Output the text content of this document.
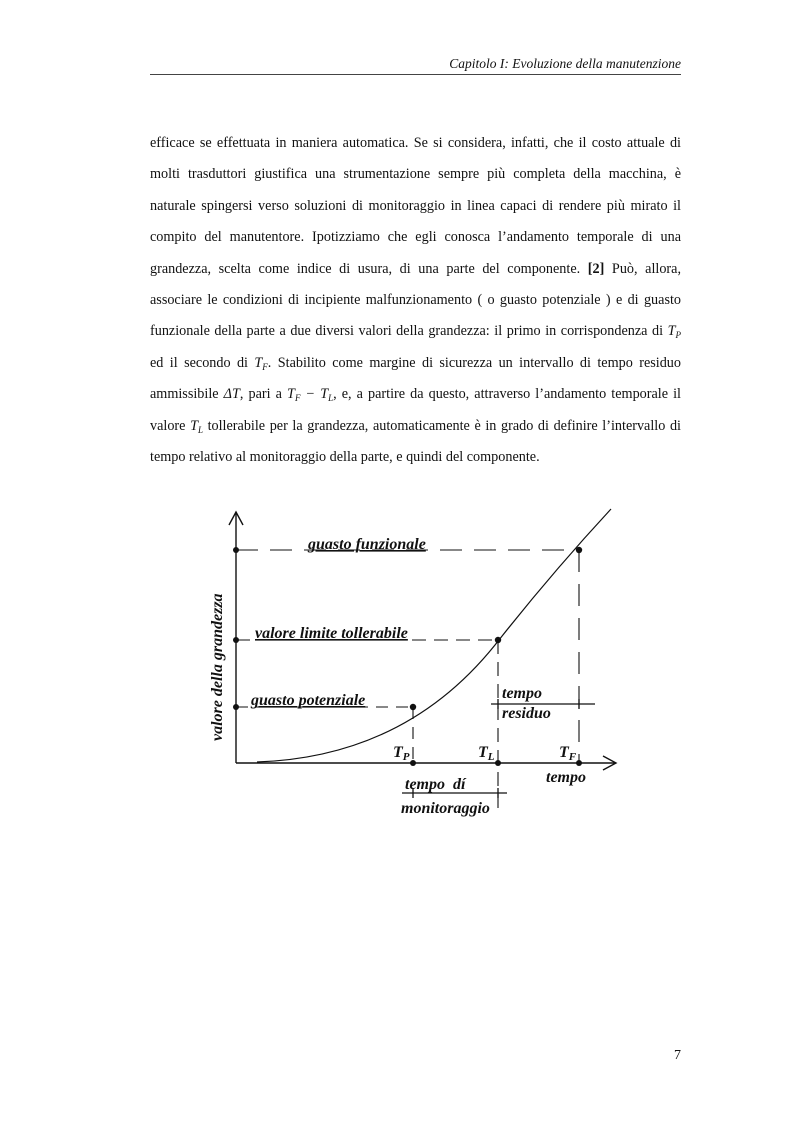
Capitolo I: Evoluzione della manutenzione

efficace se effettuata in maniera automatica. Se si considera, infatti, che il costo attuale di molti trasduttori giustifica una strumentazione sempre più completa della macchina, è naturale spingersi verso soluzioni di monitoraggio in linea capaci di rendere più mirato il compito del manutentore. Ipotizziamo che egli conosca l’andamento temporale di una grandezza, scelta come indice di usura, di una parte del componente. [2] Può, allora, associare le condizioni di incipiente malfunzionamento ( o guasto potenziale ) e di guasto funzionale della parte a due diversi valori della grandezza: il primo in corrispondenza di $T_P$ ed il secondo di $T_F$. Stabilito come margine di sicurezza un intervallo di tempo residuo ammissibile ΔT, pari a $T_F - T_L$, e, a partire da questo, attraverso l’andamento temporale il valore $T_L$ tollerabile per la grandezza, automaticamente è in grado di definire l’intervallo di tempo relativo al monitoraggio della parte, e quindi del componente.

valore della grandezza
guasto funzionale
valore limite tollerabile
guasto potenziale
TP	TL	TF
tempo
tempo
residuo
tempo  dí
monitoraggio
7
